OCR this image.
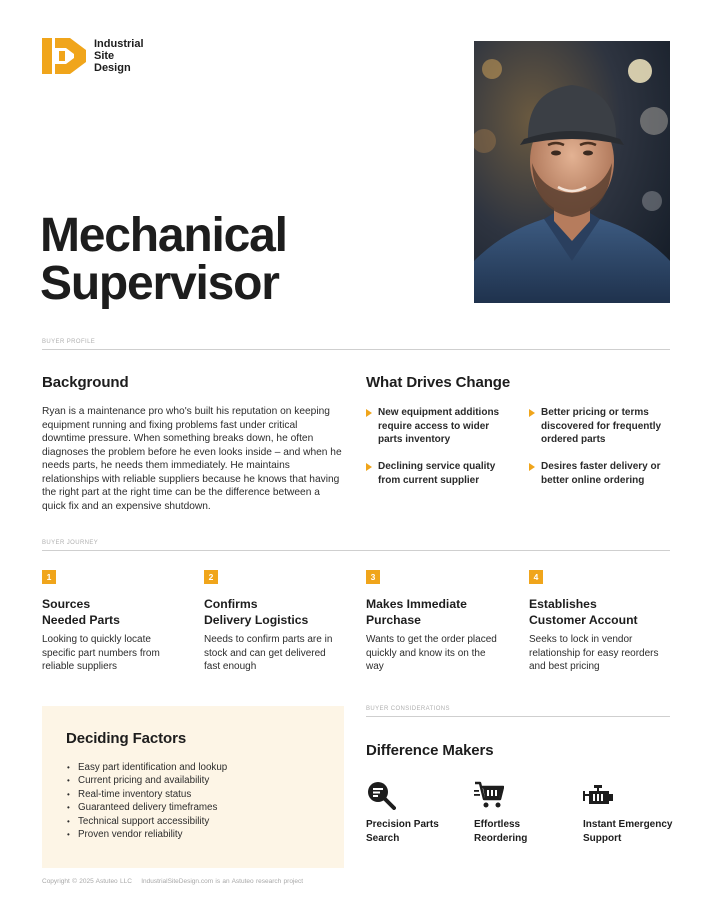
Industrial
Site
Design
Mechanical
Supervisor
BUYER PROFILE
Background

Ryan is a maintenance pro who's built his reputation on keeping equipment running and fixing problems fast under critical downtime pressure. When something breaks down, he often diagnoses the problem before he even looks inside – and when he needs parts, he needs them immediately. He maintains relationships with reliable suppliers because he knows that having the right part at the right time can be the difference between a quick fix and an expensive shutdown.

What Drives Change
New equipment additions require access to wider parts inventory
Better pricing or terms discovered for frequently ordered parts
Declining service quality from current supplier
Desires faster delivery or better online ordering
BUYER JOURNEY
1
Sources
Needed Parts
Looking to quickly locate specific part numbers from reliable suppliers
2
Confirms
Delivery Logistics
Needs to confirm parts are in stock and can get delivered fast enough
3
Makes Immediate
Purchase
Wants to get the order placed quickly and know its on the way
4
Establishes
Customer Account
Seeks to lock in vendor relationship for easy reorders and best pricing
Deciding Factors
• Easy part identification and lookup
• Current pricing and availability
• Real-time inventory status
• Guaranteed delivery timeframes
• Technical support accessibility
• Proven vendor reliability
BUYER CONSIDERATIONS
Difference Makers
Precision Parts
Search
Effortless
Reordering
Instant Emergency
Support
Copyright © 2025 Astuteo LLC IndustrialSiteDesign.com is an Astuteo research project
